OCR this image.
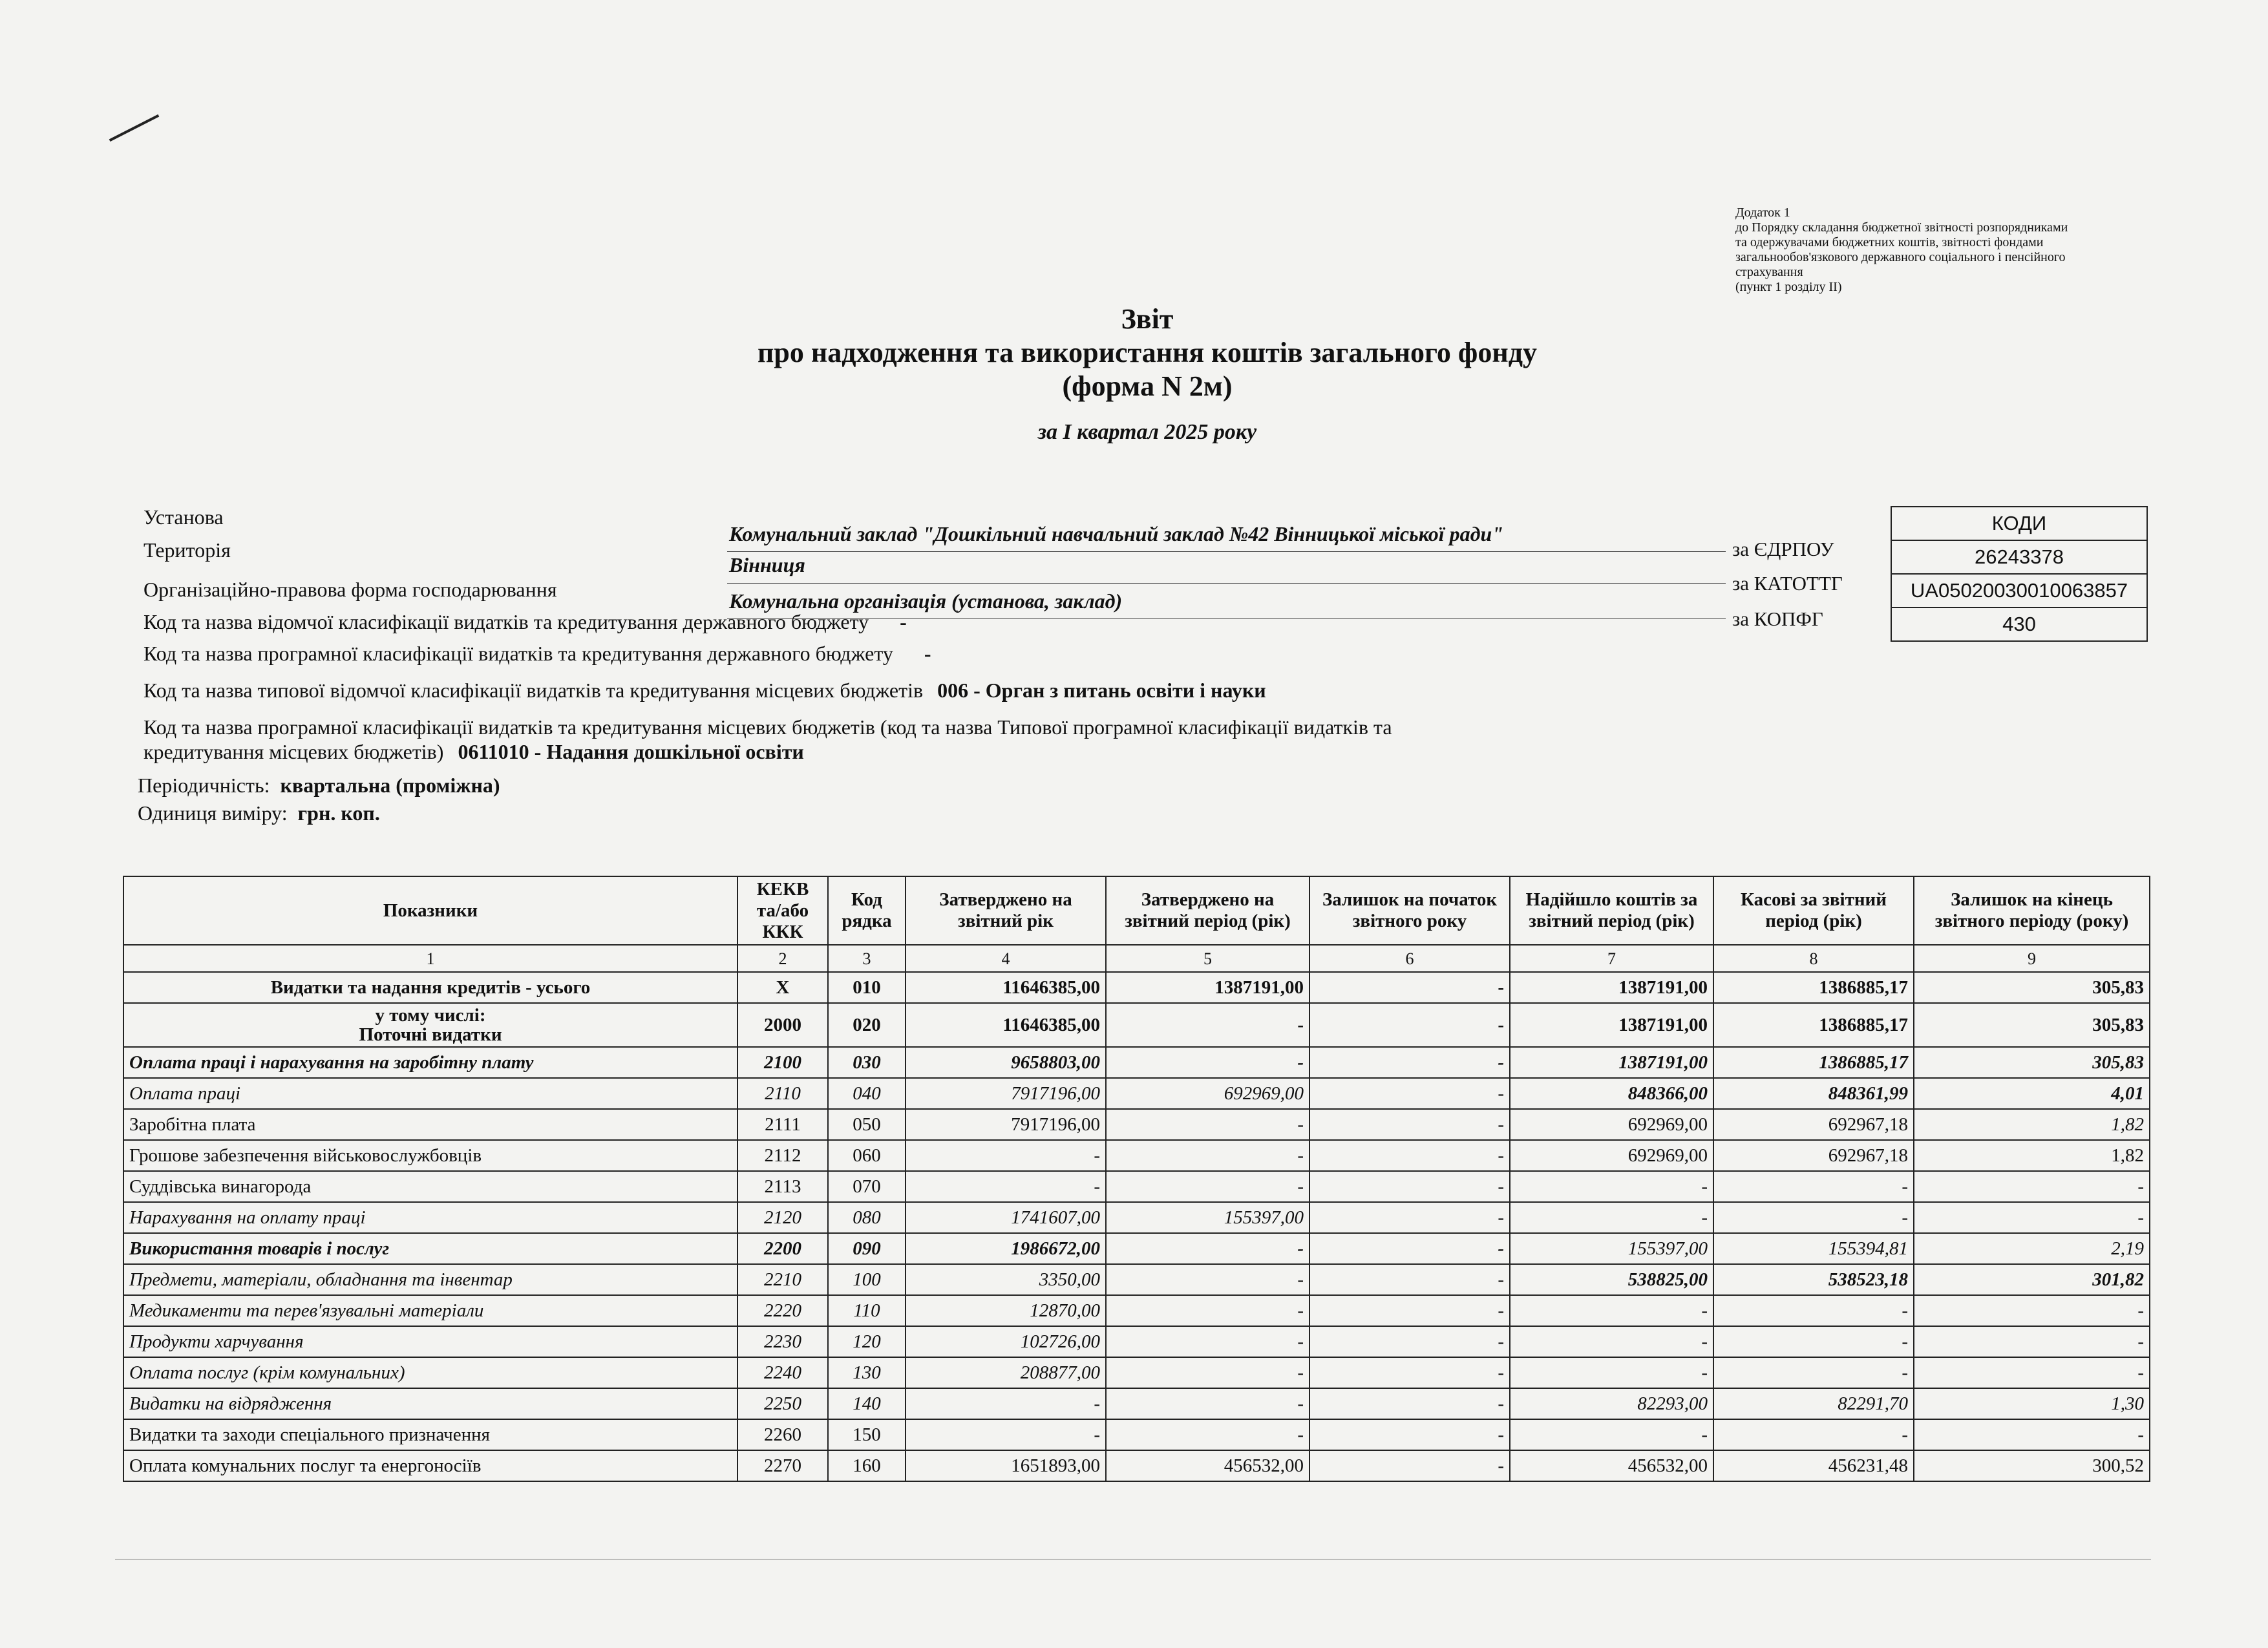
Додаток 1
до Порядку складання бюджетної звітності розпорядниками
та одержувачами бюджетних коштів, звітності фондами
загальнообов'язкового державного соціального і пенсійного
страхування
(пункт 1 розділу ІІ)
Звіт
про надходження та використання коштів загального фонду
(форма N 2м)
за I квартал 2025 року
Установа
Комунальний заклад "Дошкільний навчальний заклад №42 Вінницької міської ради"
Територія
Вінниця
Організаційно-правова форма господарювання	Комунальна організація (установа, заклад)
Код та назва відомчої класифікації видатків та кредитування державного бюджету -
Код та назва програмної класифікації видатків та кредитування державного бюджету -
Код та назва типової відомчої класифікації видатків та кредитування місцевих бюджетів 006 - Орган з питань освіти і науки
Код та назва програмної класифікації видатків та кредитування місцевих бюджетів (код та назва Типової програмної класифікації видатків та
кредитування місцевих бюджетів) 0611010 - Надання дошкільної освіти
Періодичність: квартальна (проміжна)
Одиниця виміру: грн. коп.
за ЄДРПОУ
за КАТОТТГ
за КОПФГ
КОДИ
26243378
UA05020030010063857
430
Показники	КЕКВ та/або ККК	Код рядка	Затверджено на звітний рік	Затверджено на звітний період (рік)	Залишок на початок звітного року	Надійшло коштів за звітний період (рік)	Касові за звітний період (рік)	Залишок на кінець звітного періоду (року)
1	2	3	4	5	6	7	8	9
Видатки та надання кредитів - усього	X	010	11646385,00	1387191,00	-	1387191,00	1386885,17	305,83

у тому числі:
Поточні видатки	2000	020	11646385,00	-	-	1387191,00	1386885,17	305,83
Оплата праці і нарахування на заробітну плату	2100	030	9658803,00	-	-	1387191,00	1386885,17	305,83
Оплата праці	2110	040	7917196,00	692969,00	-	848366,00	848361,99	4,01
Заробітна плата	2111	050	7917196,00	-	-	692969,00	692967,18	1,82
Грошове забезпечення військовослужбовців	2112	060	-	-	-	692969,00	692967,18	1,82
Суддівська винагорода	2113	070	-	-	-	-	-	-
Нарахування на оплату праці	2120	080	1741607,00	155397,00	-	-	-	-
Використання товарів і послуг	2200	090	1986672,00	-	-	155397,00	155394,81	2,19
Предмети, матеріали, обладнання та інвентар	2210	100	3350,00	-	-	538825,00	538523,18	301,82
Медикаменти та перев'язувальні матеріали	2220	110	12870,00	-	-	-	-	-
Продукти харчування	2230	120	102726,00	-	-	-	-	-
Оплата послуг (крім комунальних)	2240	130	208877,00	-	-	-	-	-
Видатки на відрядження	2250	140	-	-	-	82293,00	82291,70	1,30
Видатки та заходи спеціального призначення	2260	150	-	-	-	-	-	-
Оплата комунальних послуг та енергоносіїв	2270	160	1651893,00	456532,00	-	456532,00	456231,48	300,52
